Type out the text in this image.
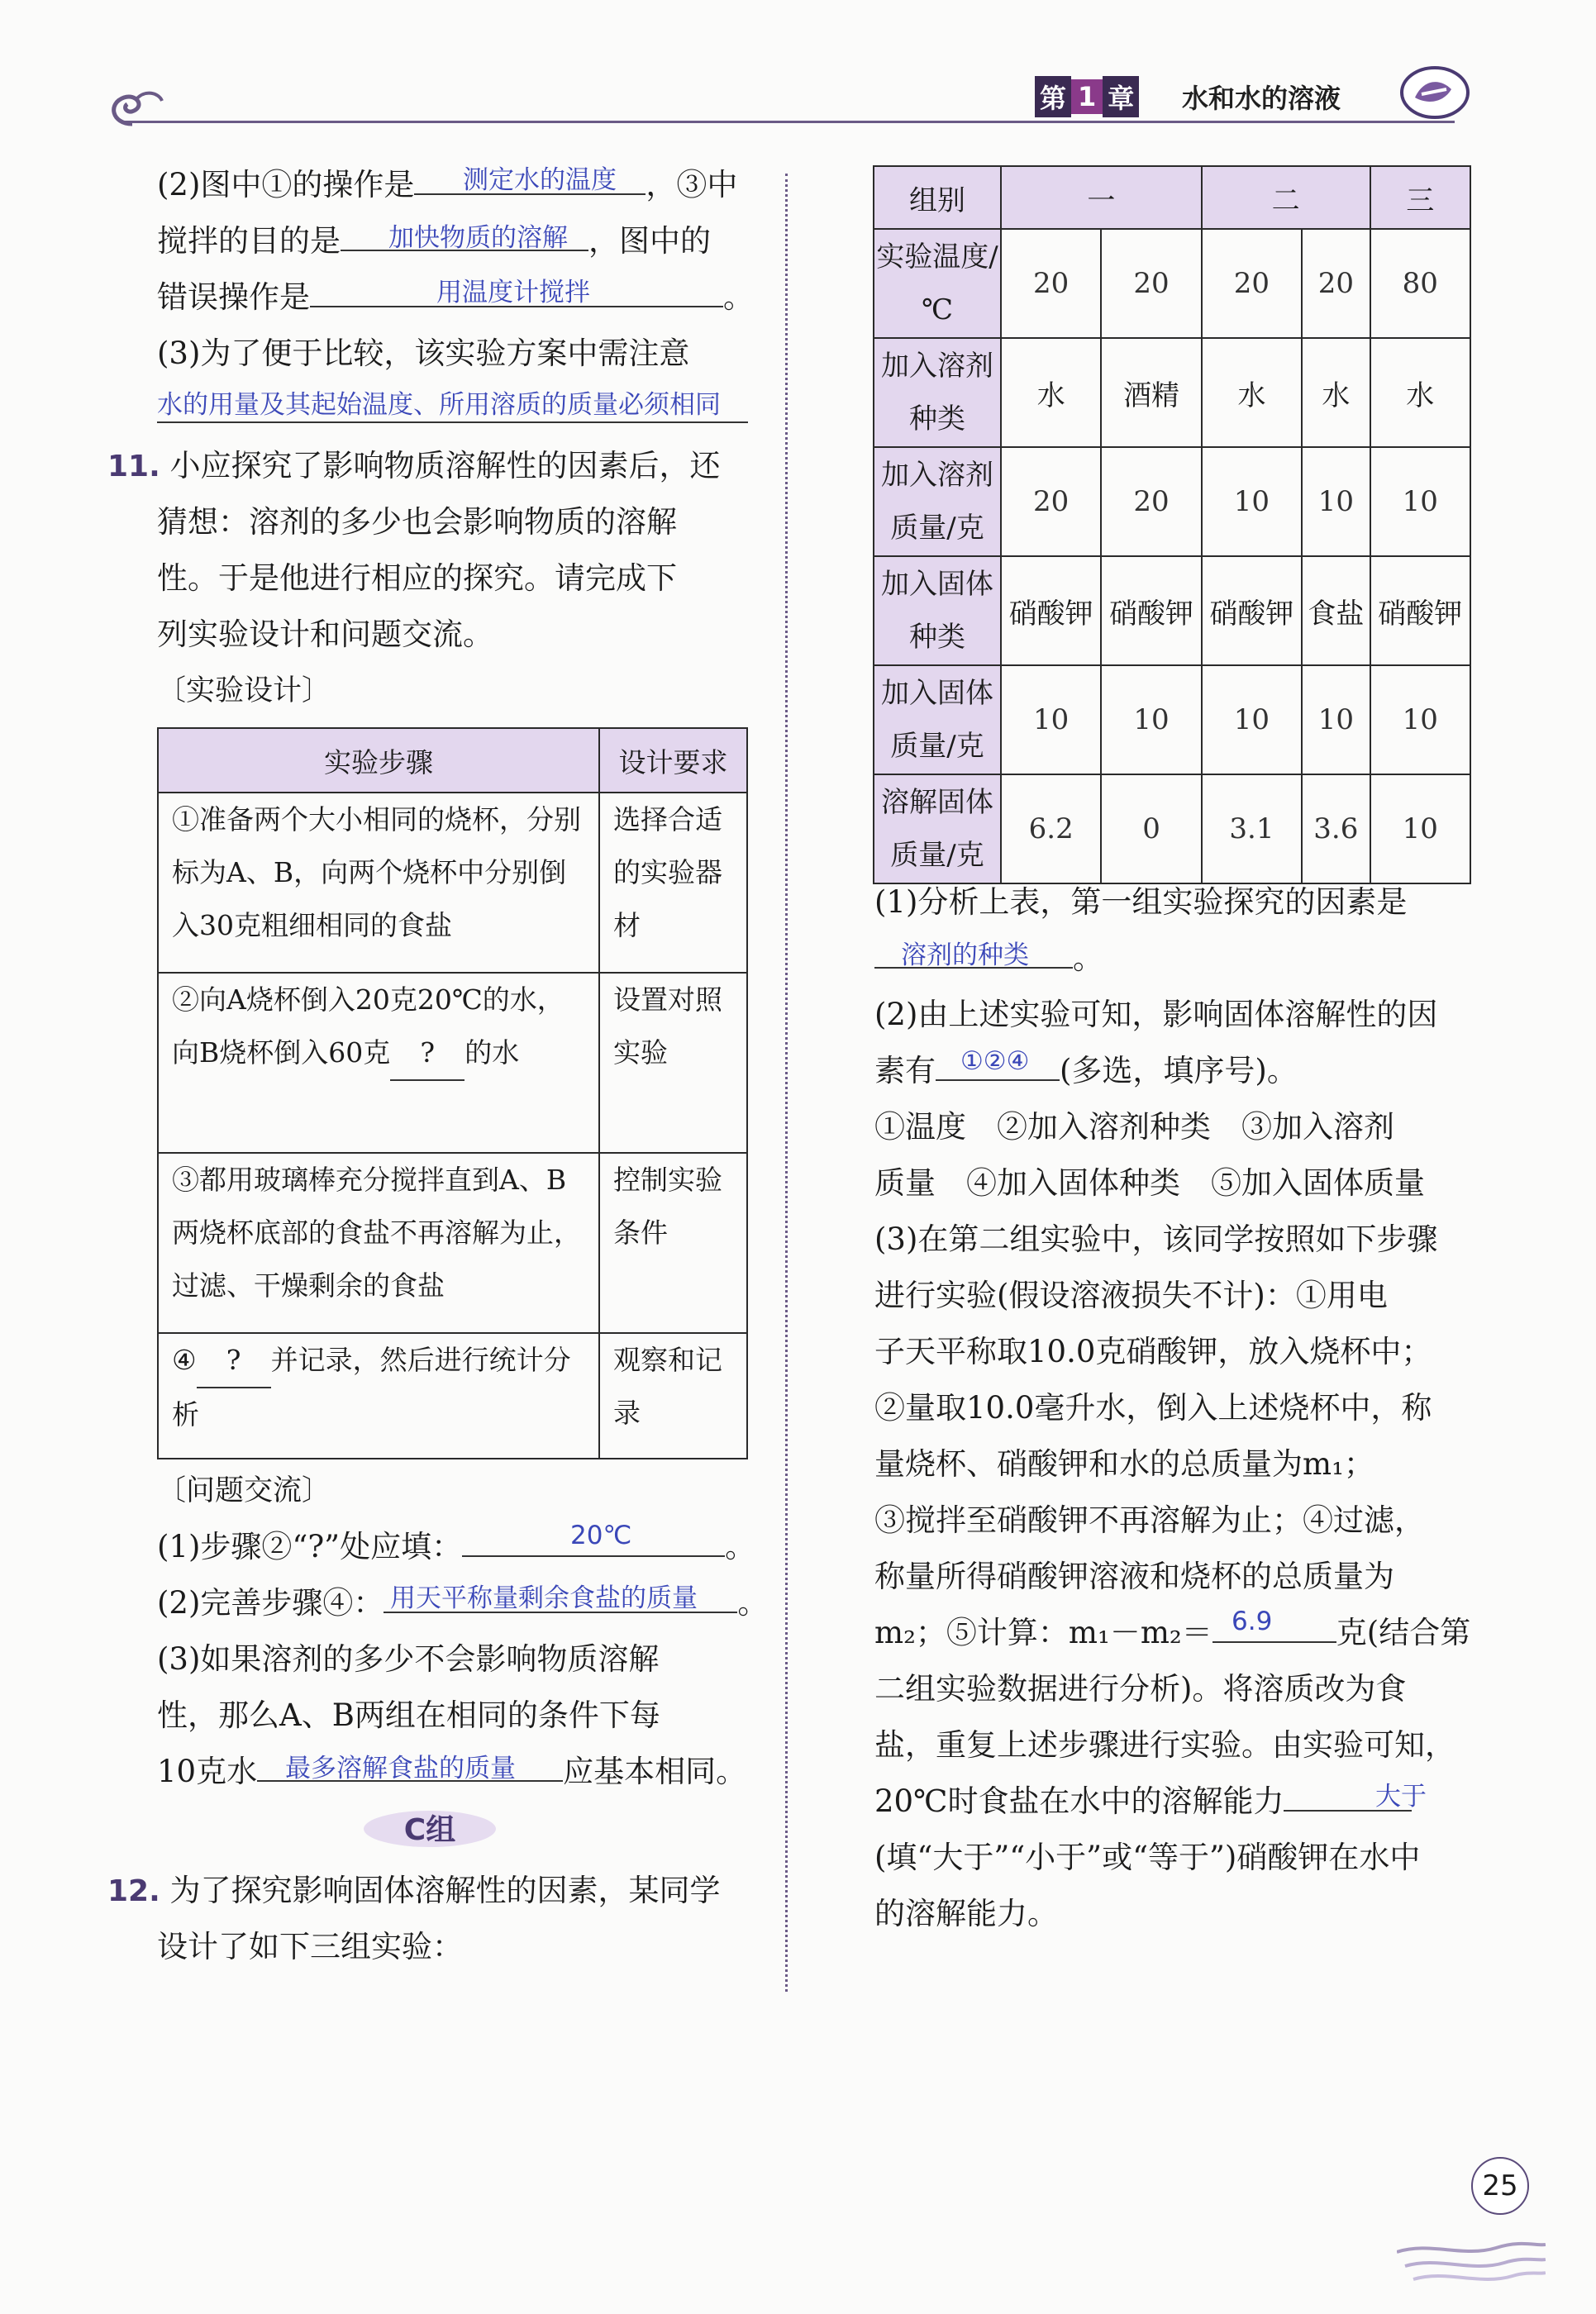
第 1 章 水和水的溶液
(2)图中①的操作是	，③中
测定水的温度
搅拌的目的是	，图中的
加快物质的溶解
错误操作是	。
用温度计搅拌
(3)为了便于比较，该实验方案中需注意
水的用量及其起始温度、所用溶质的质量必须相同
11. 小应探究了影响物质溶解性的因素后，还
猜想：溶剂的多少也会影响物质的溶解
性。于是他进行相应的探究。请完成下
列实验设计和问题交流。
〔实验设计〕
实验步骤	设计要求
①准备两个大小相同的烧杯，分别标为A、B，向两个烧杯中分别倒入30克粗细相同的食盐	选择合适的实验器材
②向A烧杯倒入20克20℃的水，向B烧杯倒入60克 ? 的水	设置对照实验
③都用玻璃棒充分搅拌直到A、B两烧杯底部的食盐不再溶解为止，过滤、干燥剩余的食盐	控制实验条件
④ ? 并记录，然后进行统计分析	观察和记录
〔问题交流〕
(1)步骤②“?”处应填：	。
20℃
(2)完善步骤④：	。
用天平称量剩余食盐的质量
(3)如果溶剂的多少不会影响物质溶解
性，那么A、B两组在相同的条件下每
10克水	应基本相同。
最多溶解食盐的质量
C组
12. 为了探究影响固体溶解性的因素，某同学
设计了如下三组实验：
组别	一		二		三
实验温度/℃	20	20	20	20	80
加入溶剂种类	水	酒精	水	水	水
加入溶剂质量/克	20	20	10	10	10
加入固体种类	硝酸钾	硝酸钾	硝酸钾	食盐	硝酸钾
加入固体质量/克	10	10	10	10	10
溶解固体质量/克	6.2	0	3.1	3.6	10
(1)分析上表，第一组实验探究的因素是
。
溶剂的种类
(2)由上述实验可知，影响固体溶解性的因
素有	(多选，填序号)。
①②④
①温度　②加入溶剂种类　③加入溶剂
质量　④加入固体种类　⑤加入固体质量
(3)在第二组实验中，该同学按照如下步骤
进行实验(假设溶液损失不计)：①用电
子天平称取10.0克硝酸钾，放入烧杯中；
②量取10.0毫升水，倒入上述烧杯中，称
量烧杯、硝酸钾和水的总质量为m₁；
③搅拌至硝酸钾不再溶解为止；④过滤，
称量所得硝酸钾溶液和烧杯的总质量为
m₂；⑤计算：m₁－m₂＝	克(结合第
6.9
二组实验数据进行分析)。将溶质改为食
盐，重复上述步骤进行实验。由实验可知，
20℃时食盐在水中的溶解能力	大于
(填“大于”“小于”或“等于”)硝酸钾在水中
的溶解能力。
25
